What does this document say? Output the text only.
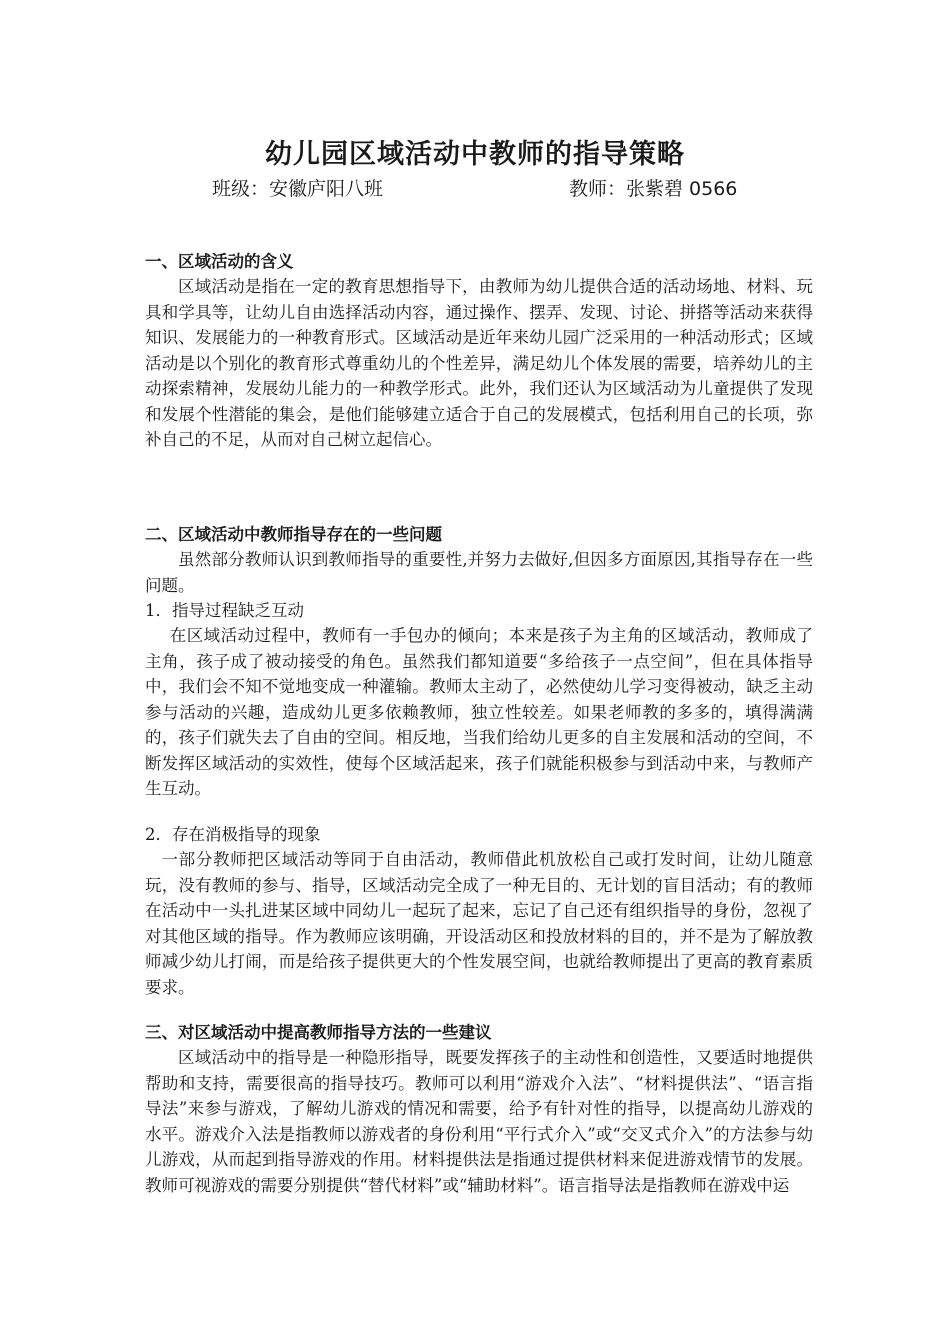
幼儿园区域活动中教师的指导策略
班级：安徽庐阳八班	教师：张紫碧 0566

一、区域活动的含义

区域活动是指在一定的教育思想指导下，由教师为幼儿提供合适的活动场地、材料、玩具和学具等，让幼儿自由选择活动内容，通过操作、摆弄、发现、讨论、拼搭等活动来获得知识、发展能力的一种教育形式。区域活动是近年来幼儿园广泛采用的一种活动形式；区域活动是以个别化的教育形式尊重幼儿的个性差异，满足幼儿个体发展的需要，培养幼儿的主动探索精神，发展幼儿能力的一种教学形式。此外，我们还认为区域活动为儿童提供了发现和发展个性潜能的集会，是他们能够建立适合于自己的发展模式，包括利用自己的长项，弥补自己的不足，从而对自己树立起信心。

二、区域活动中教师指导存在的一些问题

虽然部分教师认识到教师指导的重要性,并努力去做好,但因多方面原因,其指导存在一些问题。

1．指导过程缺乏互动

在区域活动过程中，教师有一手包办的倾向；本来是孩子为主角的区域活动，教师成了主角，孩子成了被动接受的角色。虽然我们都知道要“多给孩子一点空间”，但在具体指导中，我们会不知不觉地变成一种灌输。教师太主动了，必然使幼儿学习变得被动，缺乏主动参与活动的兴趣，造成幼儿更多依赖教师，独立性较差。如果老师教的多多的，填得满满的，孩子们就失去了自由的空间。相反地，当我们给幼儿更多的自主发展和活动的空间，不断发挥区域活动的实效性，使每个区域活起来，孩子们就能积极参与到活动中来，与教师产生互动。

2．存在消极指导的现象

一部分教师把区域活动等同于自由活动，教师借此机放松自己或打发时间，让幼儿随意玩，没有教师的参与、指导，区域活动完全成了一种无目的、无计划的盲目活动；有的教师在活动中一头扎进某区域中同幼儿一起玩了起来，忘记了自己还有组织指导的身份，忽视了对其他区域的指导。作为教师应该明确，开设活动区和投放材料的目的，并不是为了解放教师减少幼儿打闹，而是给孩子提供更大的个性发展空间，也就给教师提出了更高的教育素质要求。

三、对区域活动中提高教师指导方法的一些建议

区域活动中的指导是一种隐形指导，既要发挥孩子的主动性和创造性，又要适时地提供帮助和支持，需要很高的指导技巧。教师可以利用“游戏介入法”、“材料提供法”、“语言指导法”来参与游戏，了解幼儿游戏的情况和需要，给予有针对性的指导，以提高幼儿游戏的水平。游戏介入法是指教师以游戏者的身份利用“平行式介入”或“交叉式介入”的方法参与幼儿游戏，从而起到指导游戏的作用。材料提供法是指通过提供材料来促进游戏情节的发展。教师可视游戏的需要分别提供“替代材料”或“辅助材料”。语言指导法是指教师在游戏中运
